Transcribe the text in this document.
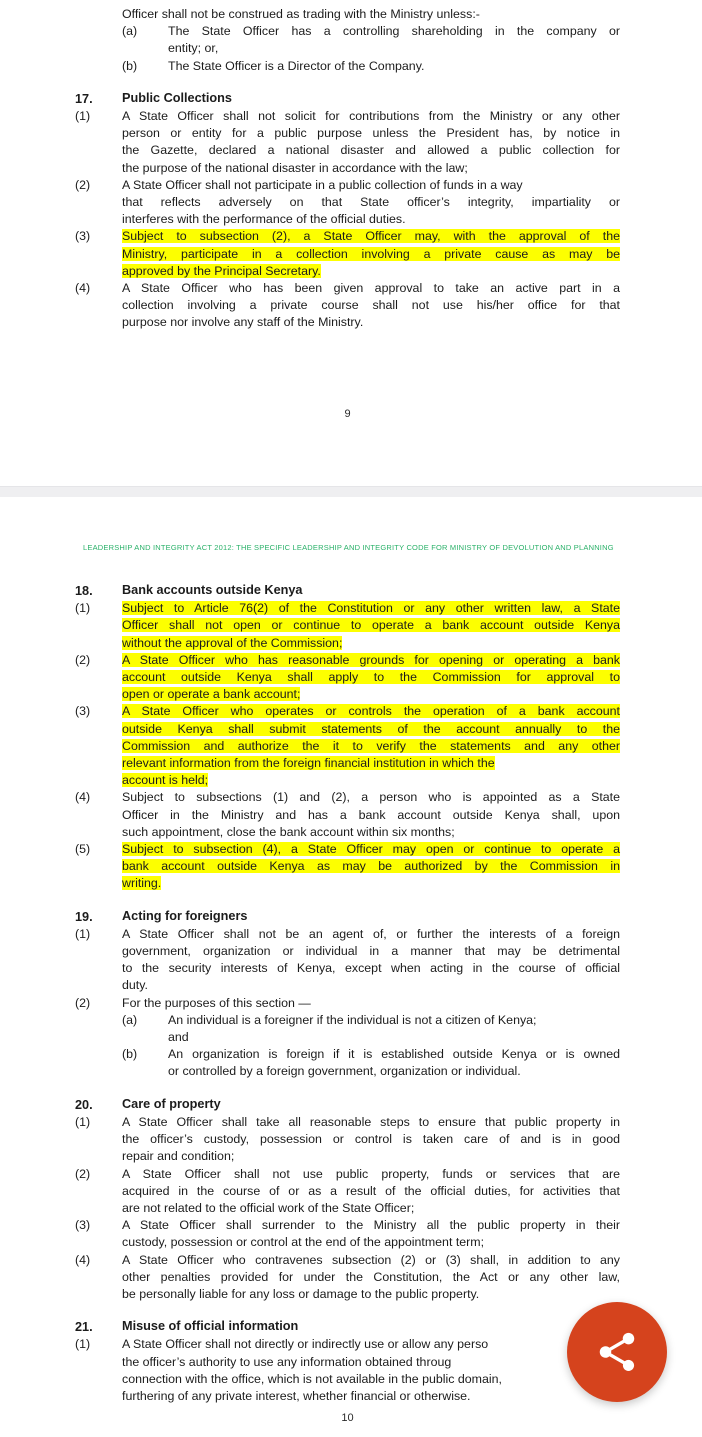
Officer shall not be construed as trading with the Ministry unless:-
(a)	The State Officer has a controlling shareholding in the company or
entity; or,
(b)	The State Officer is a Director of the Company.
17.	Public Collections
(1)	A State Officer shall not solicit for contributions from the Ministry or any other
person or entity for a public purpose unless the President has, by notice in
the Gazette, declared a national disaster and allowed a public collection for
the purpose of the national disaster in accordance with the law;
(2)	A State Officer shall not participate in a public collection of funds in a way
that reflects adversely on that State officer’s integrity, impartiality or
interferes with the performance of the official duties.
(3)	Subject to subsection (2), a State Officer may, with the approval of the
Ministry, participate in a collection involving a private cause as may be
approved by the Principal Secretary.
(4)	A State Officer who has been given approval to take an active part in a
collection involving a private course shall not use his/her office for that
purpose nor involve any staff of the Ministry.
9
LEADERSHIP AND INTEGRITY ACT 2012: THE SPECIFIC LEADERSHIP AND INTEGRITY CODE FOR MINISTRY OF DEVOLUTION AND PLANNING
18.	Bank accounts outside Kenya
(1)	Subject to Article 76(2) of the Constitution or any other written law, a State
Officer shall not open or continue to operate a bank account outside Kenya
without the approval of the Commission;
(2)	A State Officer who has reasonable grounds for opening or operating a bank
account outside Kenya shall apply to the Commission for approval to
open or operate a bank account;
(3)	A State Officer who operates or controls the operation of a bank account
outside Kenya shall submit statements of the account annually to the
Commission and authorize the it to verify the statements and any other
relevant information from the foreign financial institution in which the
account is held;
(4)	Subject to subsections (1) and (2), a person who is appointed as a State
Officer in the Ministry and has a bank account outside Kenya shall, upon
such appointment, close the bank account within six months;
(5)	Subject to subsection (4), a State Officer may open or continue to operate a
bank account outside Kenya as may be authorized by the Commission in
writing.
19.	Acting for foreigners
(1)	A State Officer shall not be an agent of, or further the interests of a foreign
government, organization or individual in a manner that may be detrimental
to the security interests of Kenya, except when acting in the course of official
duty.
(2)	For the purposes of this section —
(a)	An individual is a foreigner if the individual is not a citizen of Kenya;
and
(b)	An organization is foreign if it is established outside Kenya or is owned
or controlled by a foreign government, organization or individual.
20.	Care of property
(1)	A State Officer shall take all reasonable steps to ensure that public property in
the officer’s custody, possession or control is taken care of and is in good
repair and condition;
(2)	A State Officer shall not use public property, funds or services that are
acquired in the course of or as a result of the official duties, for activities that
are not related to the official work of the State Officer;
(3)	A State Officer shall surrender to the Ministry all the public property in their
custody, possession or control at the end of the appointment term;
(4)	A State Officer who contravenes subsection (2) or (3) shall, in addition to any
other penalties provided for under the Constitution, the Act or any other law,
be personally liable for any loss or damage to the public property.
21.	Misuse of official information
(1)	A State Officer shall not directly or indirectly use or allow any perso
the officer’s authority to use any information obtained throug
connection with the office, which is not available in the public domain,
furthering of any private interest, whether financial or otherwise.
10
